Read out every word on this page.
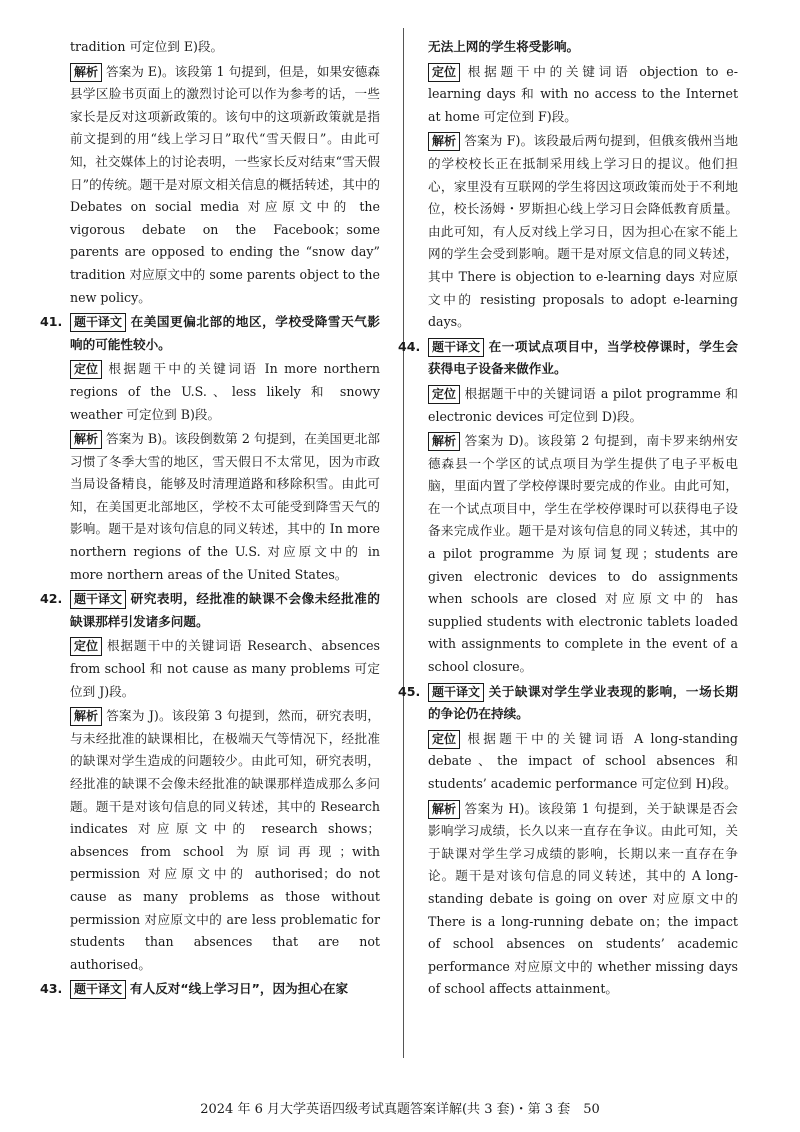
tradition 可定位到 E)段。

解析 答案为 E)。该段第 1 句提到，但是，如果安德森县学区脸书页面上的激烈讨论可以作为参考的话，一些家长是反对这项新政策的。该句中的这项新政策就是指前文提到的用“线上学习日”取代“雪天假日”。由此可知，社交媒体上的讨论表明，一些家长反对结束“雪天假日”的传统。题干是对原文相关信息的概括转述，其中的 Debates on social media 对应原文中的 the vigorous debate on the Facebook；some parents are opposed to ending the “snow day” tradition 对应原文中的 some parents object to the new policy。

41. 题干译文 在美国更偏北部的地区，学校受降雪天气影响的可能性较小。

定位 根据题干中的关键词语 In more northern regions of the U.S.、less likely 和 snowy weather 可定位到 B)段。

解析 答案为 B)。该段倒数第 2 句提到，在美国更北部习惯了冬季大雪的地区，雪天假日不太常见，因为市政当局设备精良，能够及时清理道路和移除积雪。由此可知，在美国更北部地区，学校不太可能受到降雪天气的影响。题干是对该句信息的同义转述，其中的 In more northern regions of the U.S. 对应原文中的 in more northern areas of the United States。

42. 题干译文 研究表明，经批准的缺课不会像未经批准的缺课那样引发诸多问题。

定位 根据题干中的关键词语 Research、absences from school 和 not cause as many problems 可定位到 J)段。

解析 答案为 J)。该段第 3 句提到，然而，研究表明，与未经批准的缺课相比，在极端天气等情况下，经批准的缺课对学生造成的问题较少。由此可知，研究表明，经批准的缺课不会像未经批准的缺课那样造成那么多问题。题干是对该句信息的同义转述，其中的 Research indicates 对应原文中的 research shows；absences from school 为原词再现；with permission 对应原文中的 authorised；do not cause as many problems as those without permission 对应原文中的 are less problematic for students than absences that are not authorised。

43. 题干译文 有人反对“线上学习日”，因为担心在家

无法上网的学生将受影响。

定位 根据题干中的关键词语 objection to e-learning days 和 with no access to the Internet at home 可定位到 F)段。

解析 答案为 F)。该段最后两句提到，但俄亥俄州当地的学校校长正在抵制采用线上学习日的提议。他们担心，家里没有互联网的学生将因这项政策而处于不利地位，校长汤姆・罗斯担心线上学习日会降低教育质量。由此可知，有人反对线上学习日，因为担心在家不能上网的学生会受到影响。题干是对原文信息的同义转述，其中 There is objection to e-learning days 对应原文中的 resisting proposals to adopt e-learning days。

44. 题干译文 在一项试点项目中，当学校停课时，学生会获得电子设备来做作业。

定位 根据题干中的关键词语 a pilot programme 和 electronic devices 可定位到 D)段。

解析 答案为 D)。该段第 2 句提到，南卡罗来纳州安德森县一个学区的试点项目为学生提供了电子平板电脑，里面内置了学校停课时要完成的作业。由此可知，在一个试点项目中，学生在学校停课时可以获得电子设备来完成作业。题干是对该句信息的同义转述，其中的 a pilot programme 为原词复现；students are given electronic devices to do assignments when schools are closed 对应原文中的 has supplied students with electronic tablets loaded with assignments to complete in the event of a school closure。

45. 题干译文 关于缺课对学生学业表现的影响，一场长期的争论仍在持续。

定位 根据题干中的关键词语 A long-standing debate、the impact of school absences 和 students’ academic performance 可定位到 H)段。

解析 答案为 H)。该段第 1 句提到，关于缺课是否会影响学习成绩，长久以来一直存在争议。由此可知，关于缺课对学生学习成绩的影响，长期以来一直存在争论。题干是对该句信息的同义转述，其中的 A long-standing debate is going on over 对应原文中的 There is a long-running debate on；the impact of school absences on students’ academic performance 对应原文中的 whether missing days of school affects attainment。

2024 年 6 月大学英语四级考试真题答案详解(共 3 套)・第 3 套　50
